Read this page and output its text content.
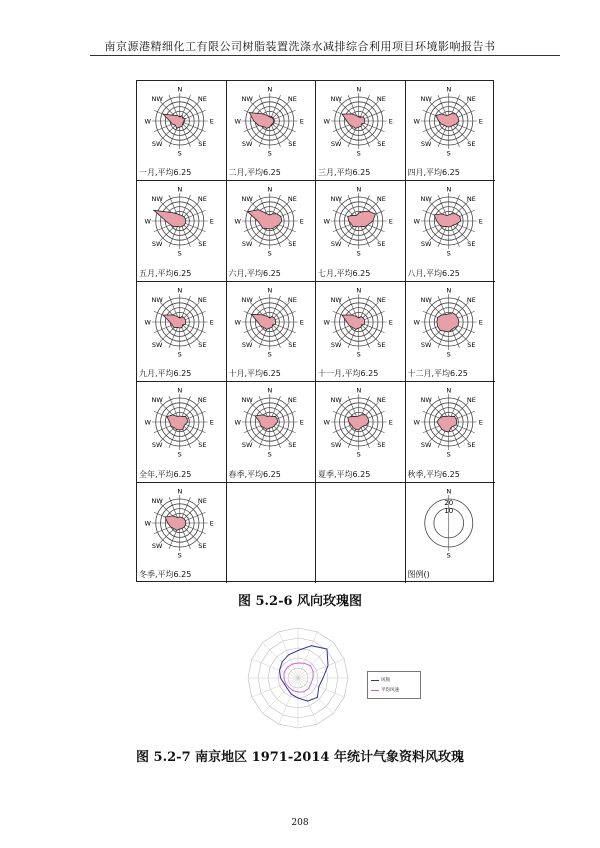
南京源港精细化工有限公司树脂装置洗涤水减排综合利用项目环境影响报告书
N
NE
E
SE
S
SW
W
NW
一月,平均6.25
N
NE
E
SE
S
SW
W
NW
二月,平均6.25
N
NE
E
SE
S
SW
W
NW
三月,平均6.25
N
NE
E
SE
S
SW
W
NW
四月,平均6.25
N
NE
E
SE
S
SW
W
NW
五月,平均6.25
N
NE
E
SE
S
SW
W
NW
六月,平均6.25
N
NE
E
SE
S
SW
W
NW
七月,平均6.25
N
NE
E
SE
S
SW
W
NW
八月,平均6.25
N
NE
E
SE
S
SW
W
NW
九月,平均6.25
N
NE
E
SE
S
SW
W
NW
十月,平均6.25
N
NE
E
SE
S
SW
W
NW
十一月,平均6.25
N
NE
E
SE
S
SW
W
NW
十二月,平均6.25
N
NE
E
SE
S
SW
W
NW
全年,平均6.25
N
NE
E
SE
S
SW
W
NW
春季,平均6.25
N
NE
E
SE
S
SW
W
NW
夏季,平均6.25
N
NE
E
SE
S
SW
W
NW
秋季,平均6.25
N
NE
E
SE
S
SW
W
NW
冬季,平均6.25
20
10
N
S
图例()
图 5.2-6 风向玫瑰图
风频
平均风速
图 5.2-7 南京地区 1971-2014 年统计气象资料风玫瑰
208
